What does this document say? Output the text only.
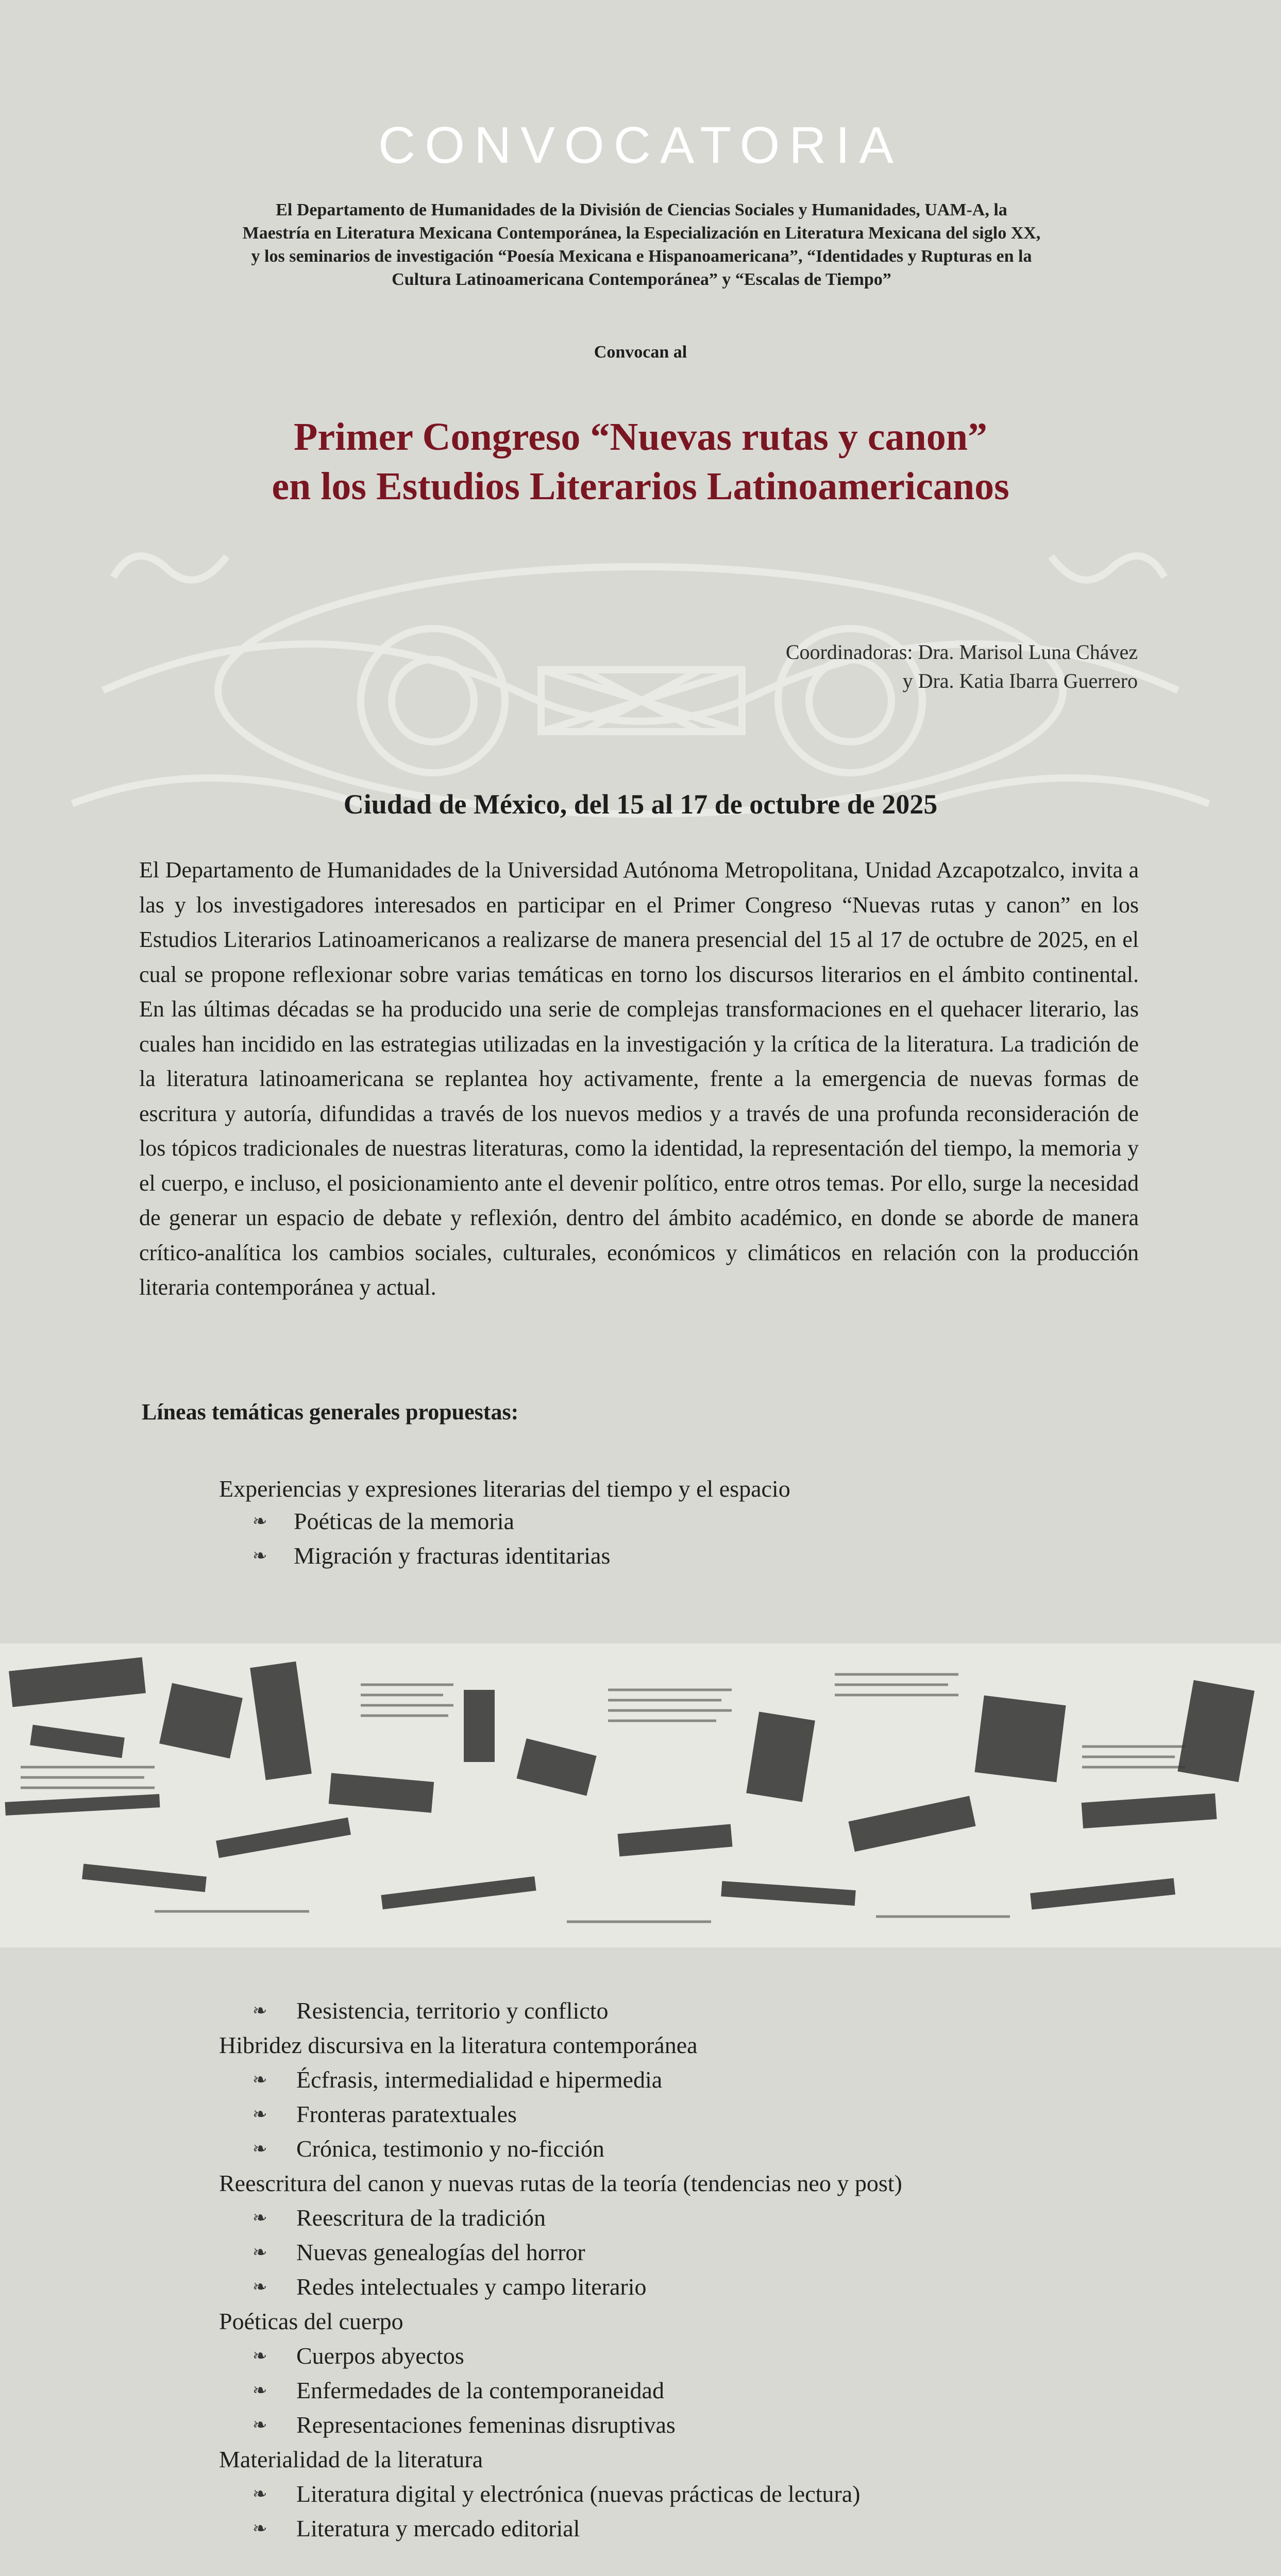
CONVOCATORIA
El Departamento de Humanidades de la División de Ciencias Sociales y Humanidades, UAM-A, la
Maestría en Literatura Mexicana Contemporánea, la Especialización en Literatura Mexicana del siglo XX,
y los seminarios de investigación “Poesía Mexicana e Hispanoamericana”, “Identidades y Rupturas en la
Cultura Latinoamericana Contemporánea” y “Escalas de Tiempo”
Convocan al
Primer Congreso “Nuevas rutas y canon”
en los Estudios Literarios Latinoamericanos
Coordinadoras: Dra. Marisol Luna Chávez
y Dra. Katia Ibarra Guerrero
Ciudad de México, del 15 al 17 de octubre de 2025
El Departamento de Humanidades de la Universidad Autónoma Metropolitana, Unidad Azcapotzalco, invita a las y los investigadores interesados en participar en el Primer Congreso “Nuevas rutas y canon” en los Estudios Literarios Latinoamericanos a realizarse de manera presencial del 15 al 17 de octubre de 2025, en el cual se propone reflexionar sobre varias temáticas en torno los discursos literarios en el ámbito continental. En las últimas décadas se ha producido una serie de complejas transformaciones en el quehacer literario, las cuales han incidido en las estrategias utilizadas en la investigación y la crítica de la literatura. La tradición de la literatura latinoamericana se replantea hoy activamente, frente a la emergencia de nuevas formas de escritura y autoría, difundidas a través de los nuevos medios y a través de una profunda reconsideración de los tópicos tradicionales de nuestras literaturas, como la identidad, la representación del tiempo, la memoria y el cuerpo, e incluso, el posicionamiento ante el devenir político, entre otros temas. Por ello, surge la necesidad de generar un espacio de debate y reflexión, dentro del ámbito académico, en donde se aborde de manera crítico-analítica los cambios sociales, culturales, económicos y climáticos en relación con la producción literaria contemporánea y actual.
Líneas temáticas generales propuestas:
Experiencias y expresiones literarias del tiempo y el espacio
❧ Poéticas de la memoria
❧ Migración y fracturas identitarias
❧ Resistencia, territorio y conflicto
Hibridez discursiva en la literatura contemporánea
❧ Écfrasis, intermedialidad e hipermedia
❧ Fronteras paratextuales
❧ Crónica, testimonio y no-ficción
Reescritura del canon y nuevas rutas de la teoría (tendencias neo y post)
❧ Reescritura de la tradición
❧ Nuevas genealogías del horror
❧ Redes intelectuales y campo literario
Poéticas del cuerpo
❧ Cuerpos abyectos
❧ Enfermedades de la contemporaneidad
❧ Representaciones femeninas disruptivas
Materialidad de la literatura
❧ Literatura digital y electrónica (nuevas prácticas de lectura)
❧ Literatura y mercado editorial
